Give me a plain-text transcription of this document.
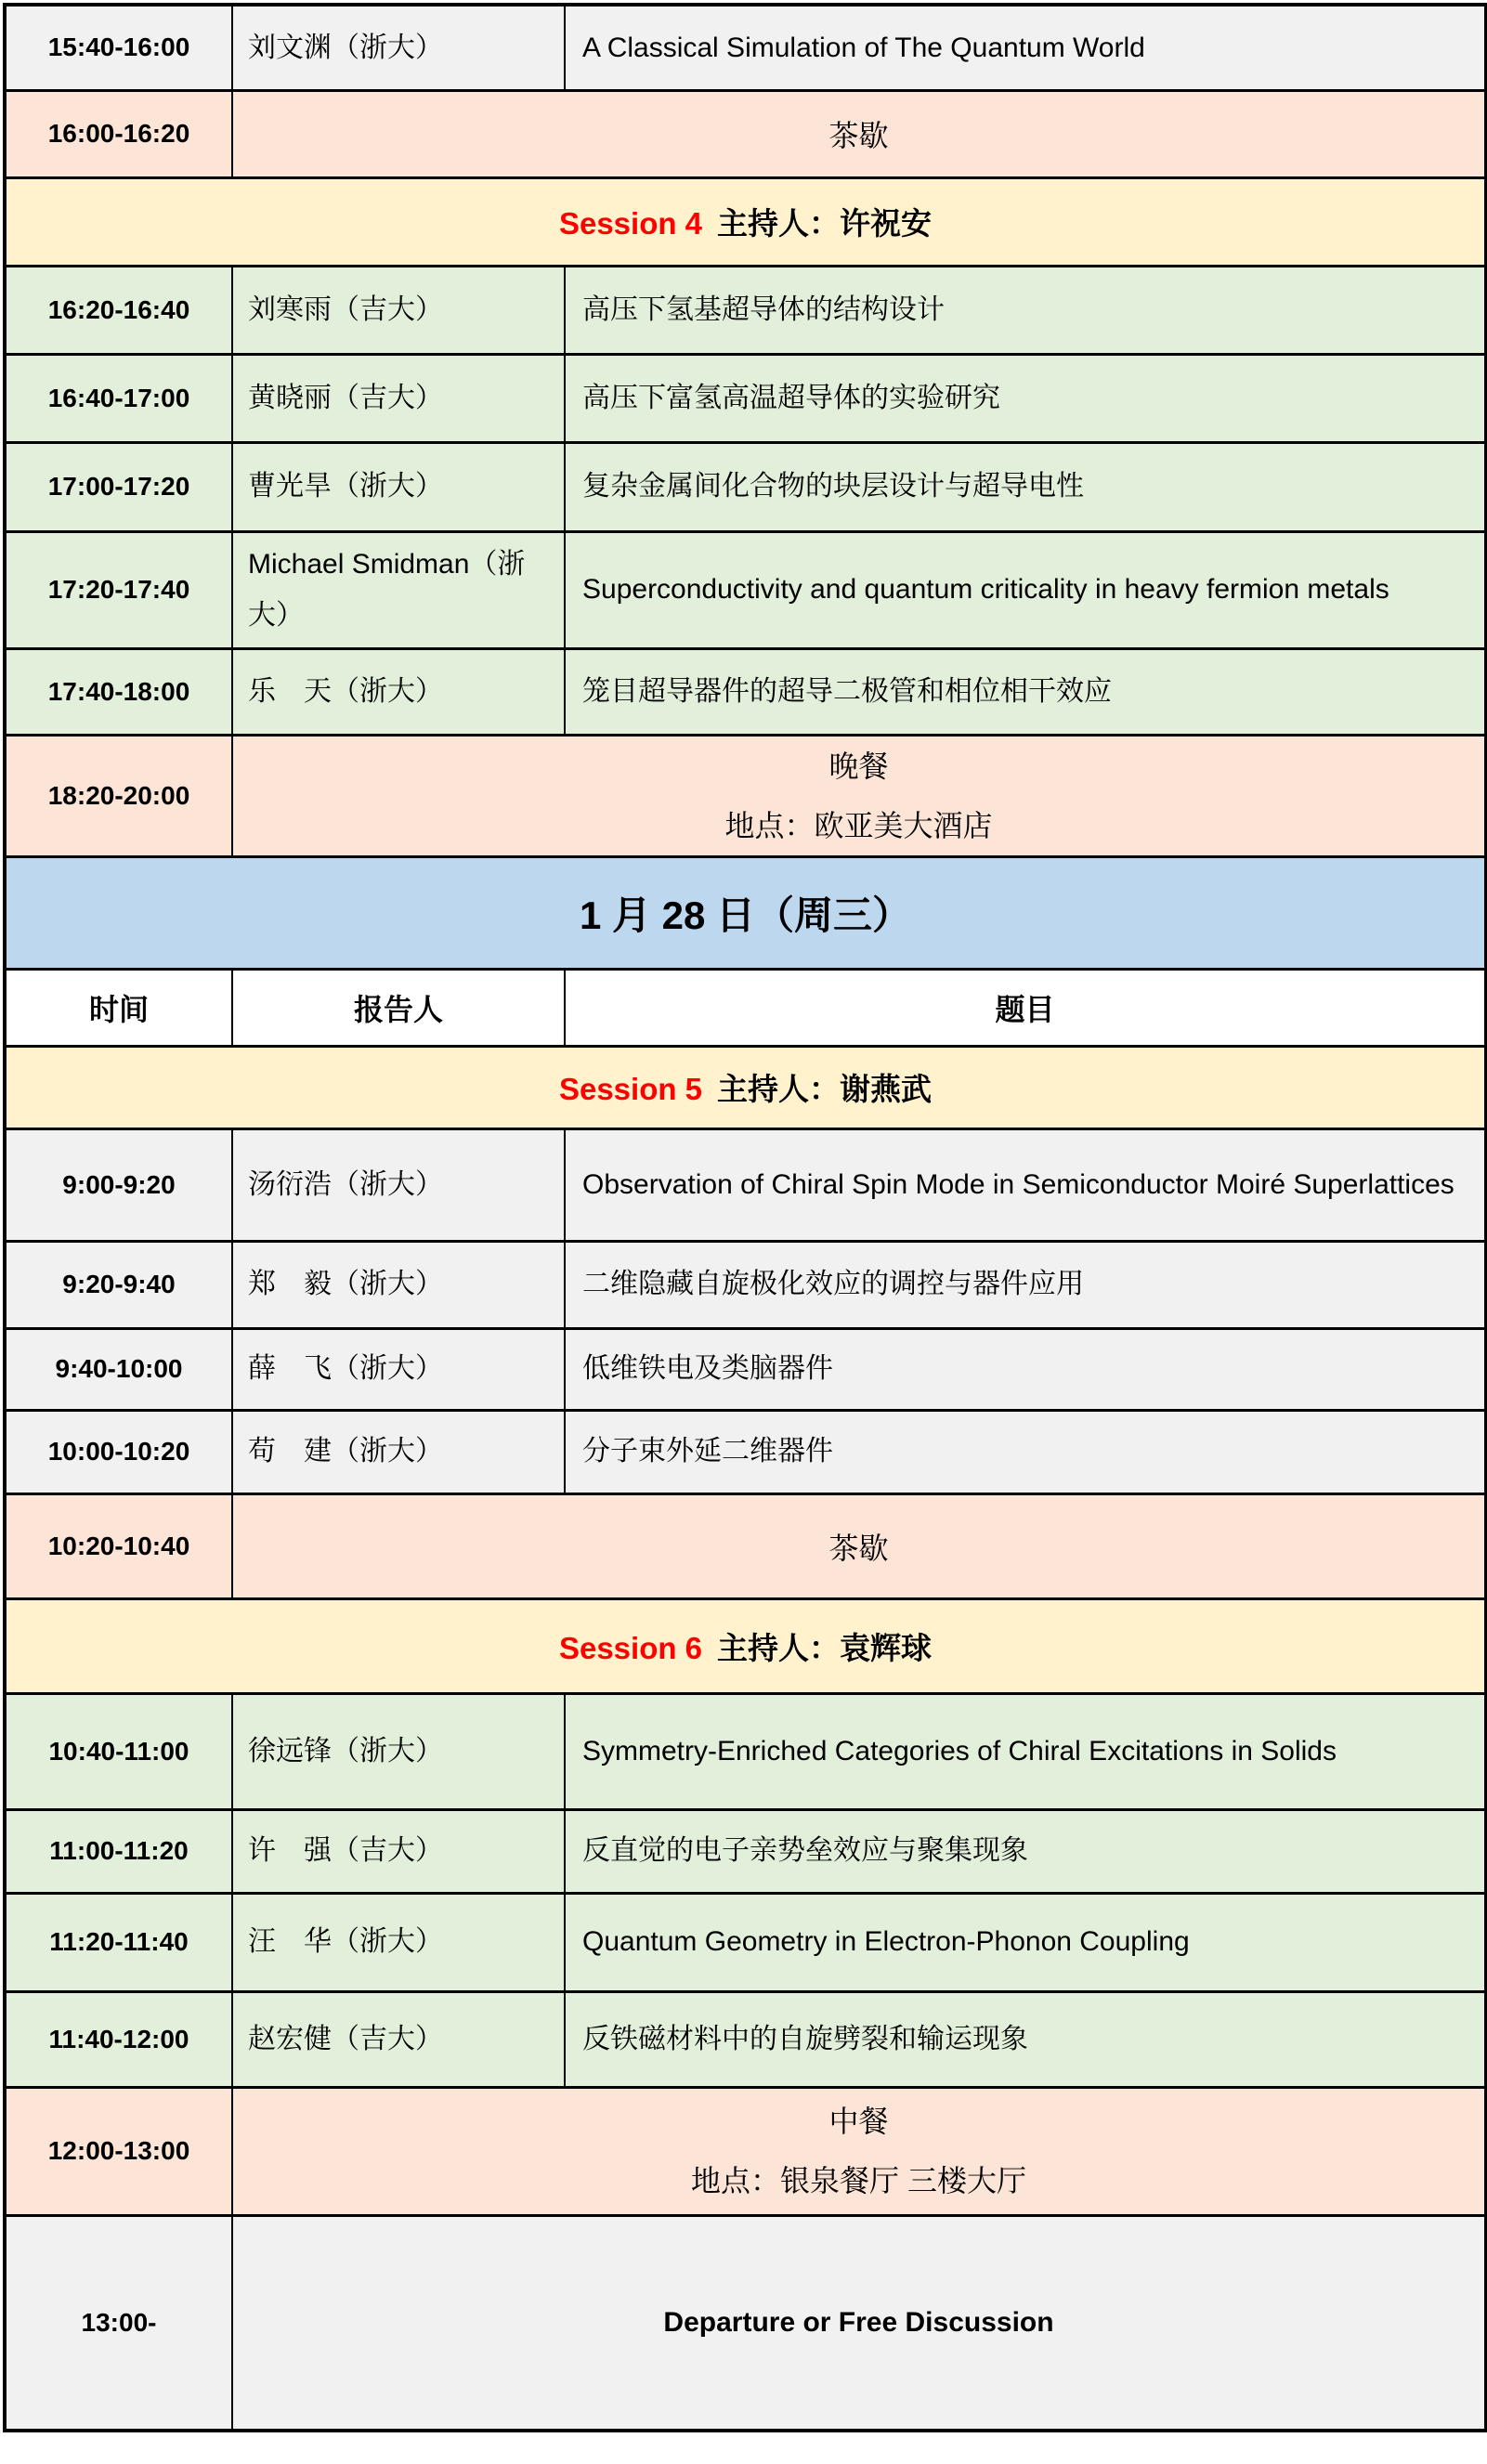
15:40-16:00	刘文渊（浙大）	A Classical Simulation of The Quantum World
16:00-16:20	茶歇	
Session 4 主持人：许祝安		
16:20-16:40	刘寒雨（吉大）	高压下氢基超导体的结构设计
16:40-17:00	黄晓丽（吉大）	高压下富氢高温超导体的实验研究
17:00-17:20	曹光旱（浙大）	复杂金属间化合物的块层设计与超导电性
17:20-17:40	Michael Smidman（浙大）	Superconductivity and quantum criticality in heavy fermion metals
17:40-18:00	乐　天（浙大）	笼目超导器件的超导二极管和相位相干效应
18:20-20:00	晚餐
地点：欧亚美大酒店	

1 月 28 日（周三）		
时间	报告人	题目
Session 5 主持人：谢燕武		
9:00-9:20	汤衍浩（浙大）	Observation of Chiral Spin Mode in Semiconductor Moiré Superlattices
9:20-9:40	郑　毅（浙大）	二维隐藏自旋极化效应的调控与器件应用
9:40-10:00	薛　飞（浙大）	低维铁电及类脑器件
10:00-10:20	苟　建（浙大）	分子束外延二维器件
10:20-10:40	茶歇	
Session 6 主持人：袁辉球		
10:40-11:00	徐远锋（浙大）	Symmetry-Enriched Categories of Chiral Excitations in Solids
11:00-11:20	许　强（吉大）	反直觉的电子亲势垒效应与聚集现象
11:20-11:40	汪　华（浙大）	Quantum Geometry in Electron-Phonon Coupling
11:40-12:00	赵宏健（吉大）	反铁磁材料中的自旋劈裂和输运现象
12:00-13:00	中餐
地点：银泉餐厅 三楼大厅	

13:00-	Departure or Free Discussion	
